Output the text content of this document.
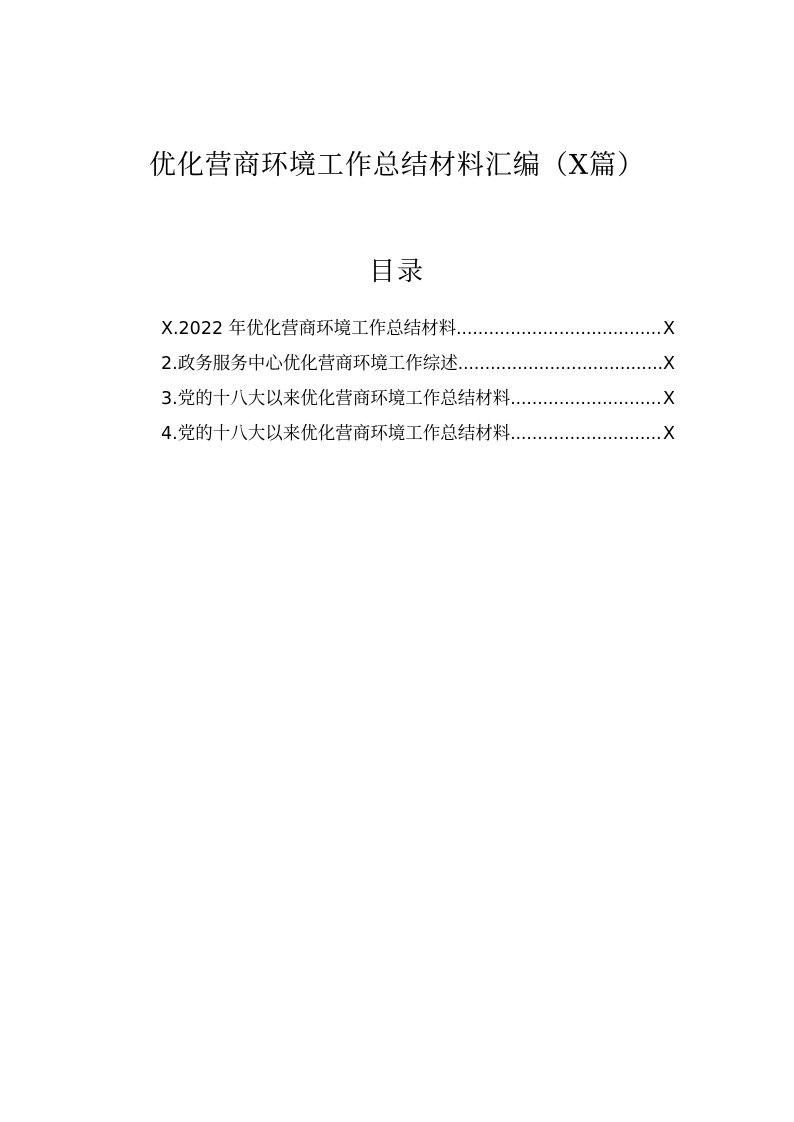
优化营商环境工作总结材料汇编（X篇）
目录
X.2022 年优化营商环境工作总结材料 .....	X
2.政务服务中心优化营商环境工作综述 .....	X
3.党的十八大以来优化营商环境工作总结材料 .....	X
4.党的十八大以来优化营商环境工作总结材料 .....	X
